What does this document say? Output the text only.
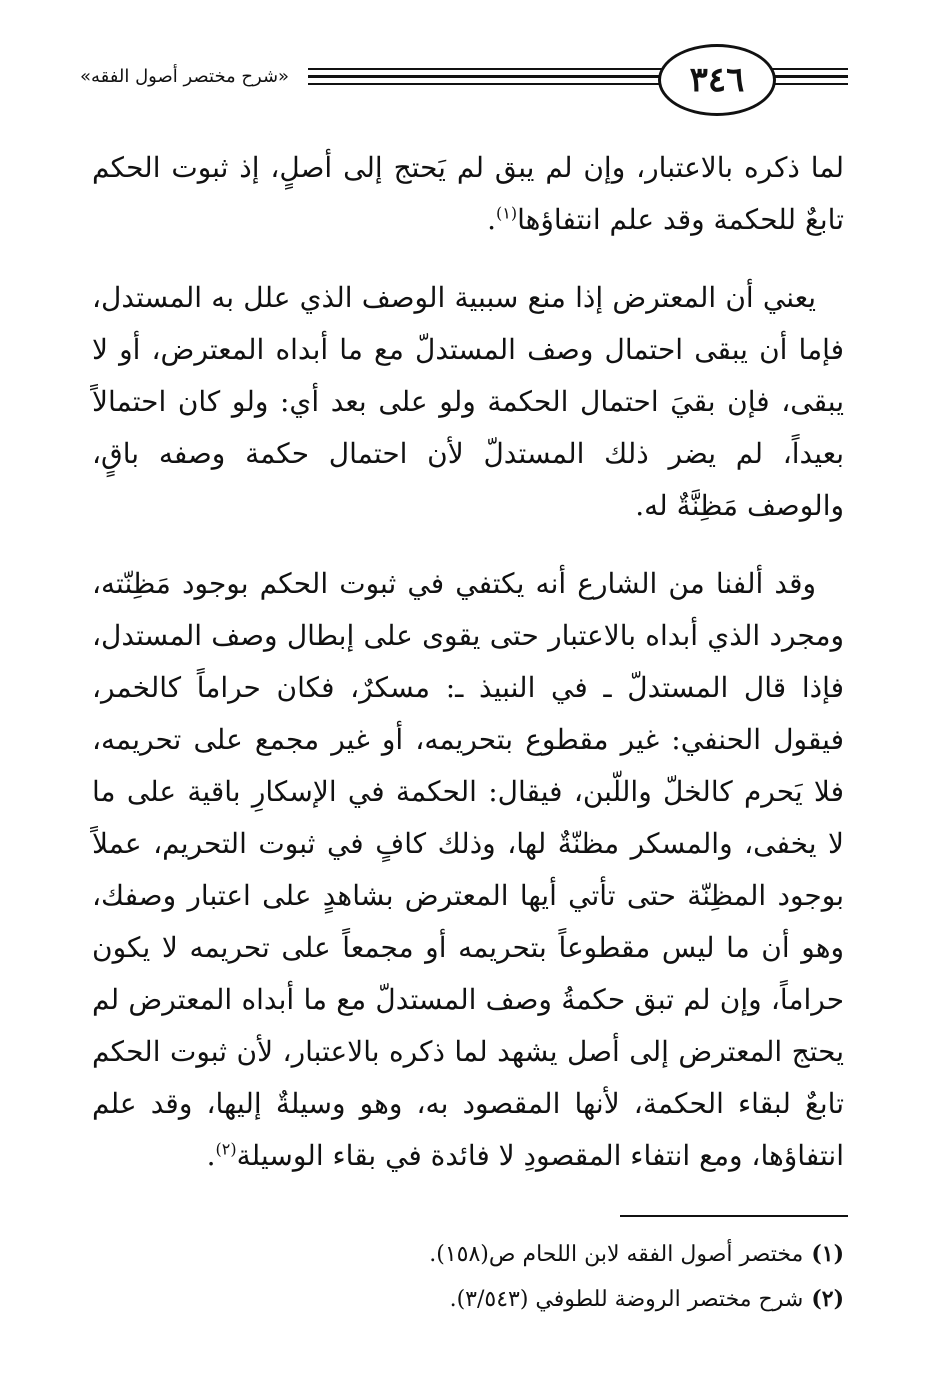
٣٤٦
«شرح مختصر أصول الفقه»

لما ذكره بالاعتبار، وإن لم يبق لم يَحتج إلى أصلٍ، إذ ثبوت الحكم تابعٌ للحكمة وقد علم انتفاؤها$^{(١)}$.

يعني أن المعترض إذا منع سببية الوصف الذي علل به المستدل، فإما أن يبقى احتمال وصف المستدلّ مع ما أبداه المعترض، أو لا يبقى، فإن بقيَ احتمال الحكمة ولو على بعد أي: ولو كان احتمالاً بعيداً، لم يضر ذلك المستدلّ لأن احتمال حكمة وصفه باقٍ، والوصف مَظِنَّةٌ له.

وقد ألفنا من الشارع أنه يكتفي في ثبوت الحكم بوجود مَظِنّته، ومجرد الذي أبداه بالاعتبار حتى يقوى على إبطال وصف المستدل، فإذا قال المستدلّ ـ في النبيذ ـ: مسكرٌ، فكان حراماً كالخمر، فيقول الحنفي: غير مقطوع بتحريمه، أو غير مجمع على تحريمه، فلا يَحرم كالخلّ واللّبن، فيقال: الحكمة في الإسكارِ باقية على ما لا يخفى، والمسكر مظنّةٌ لها، وذلك كافٍ في ثبوت التحريم، عملاً بوجود المظِنّة حتى تأتي أيها المعترض بشاهدٍ على اعتبار وصفك، وهو أن ما ليس مقطوعاً بتحريمه أو مجمعاً على تحريمه لا يكون حراماً، وإن لم تبق حكمةُ وصف المستدلّ مع ما أبداه المعترض لم يحتج المعترض إلى أصل يشهد لما ذكره بالاعتبار، لأن ثبوت الحكم تابعٌ لبقاء الحكمة، لأنها المقصود به، وهو وسيلةٌ إليها، وقد علم انتفاؤها، ومع انتفاء المقصودِ لا فائدة في بقاء الوسيلة$^{(٢)}$.

(١)مختصر أصول الفقه لابن اللحام ص(١٥٨).

(٢)شرح مختصر الروضة للطوفي (٣/٥٤٣).
